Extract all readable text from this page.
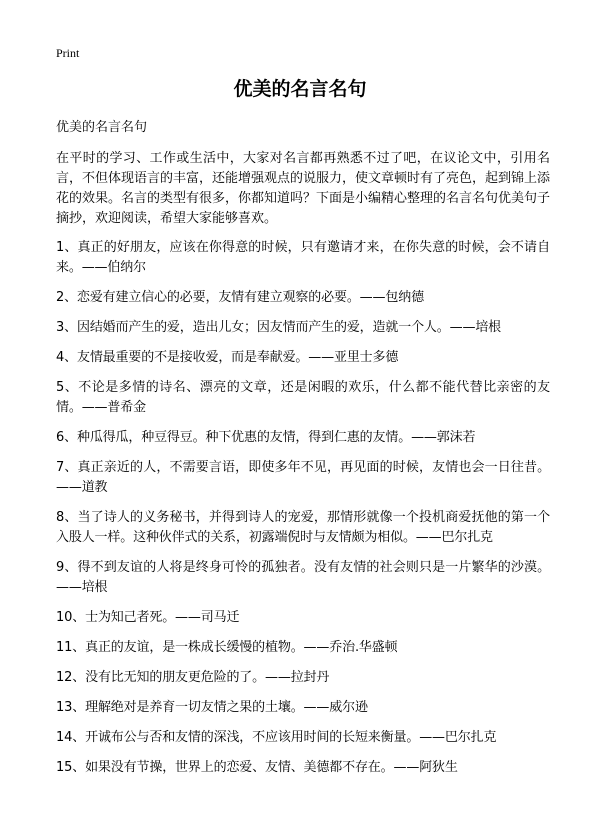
Print
优美的名言名句

优美的名言名句

在平时的学习、工作或生活中，大家对名言都再熟悉不过了吧，在议论文中，引用名言，不但体现语言的丰富，还能增强观点的说服力，使文章顿时有了亮色，起到锦上添花的效果。名言的类型有很多，你都知道吗？下面是小编精心整理的名言名句优美句子摘抄，欢迎阅读，希望大家能够喜欢。

1、真正的好朋友，应该在你得意的时候，只有邀请才来，在你失意的时候，会不请自来。——伯纳尔
2、恋爱有建立信心的必要，友情有建立观察的必要。——包纳德
3、因结婚而产生的爱，造出儿女；因友情而产生的爱，造就一个人。——培根
4、友情最重要的不是接收爱，而是奉献爱。——亚里士多德
5、不论是多情的诗名、漂亮的文章，还是闲暇的欢乐，什么都不能代替比亲密的友情。——普希金
6、种瓜得瓜，种豆得豆。种下优惠的友情，得到仁惠的友情。——郭沫若
7、真正亲近的人，不需要言语，即使多年不见，再见面的时候，友情也会一日往昔。——道教
8、当了诗人的义务秘书，并得到诗人的宠爱，那情形就像一个投机商爱抚他的第一个入股人一样。这种伙伴式的关系，初露端倪时与友情颇为相似。——巴尔扎克
9、得不到友谊的人将是终身可怜的孤独者。没有友情的社会则只是一片繁华的沙漠。——培根
10、士为知己者死。——司马迁
11、真正的友谊，是一株成长缓慢的植物。——乔治.华盛顿
12、没有比无知的朋友更危险的了。——拉封丹
13、理解绝对是养育一切友情之果的土壤。——威尔逊
14、开诚布公与否和友情的深浅，不应该用时间的长短来衡量。——巴尔扎克
15、如果没有节操，世界上的恋爱、友情、美德都不存在。——阿狄生
